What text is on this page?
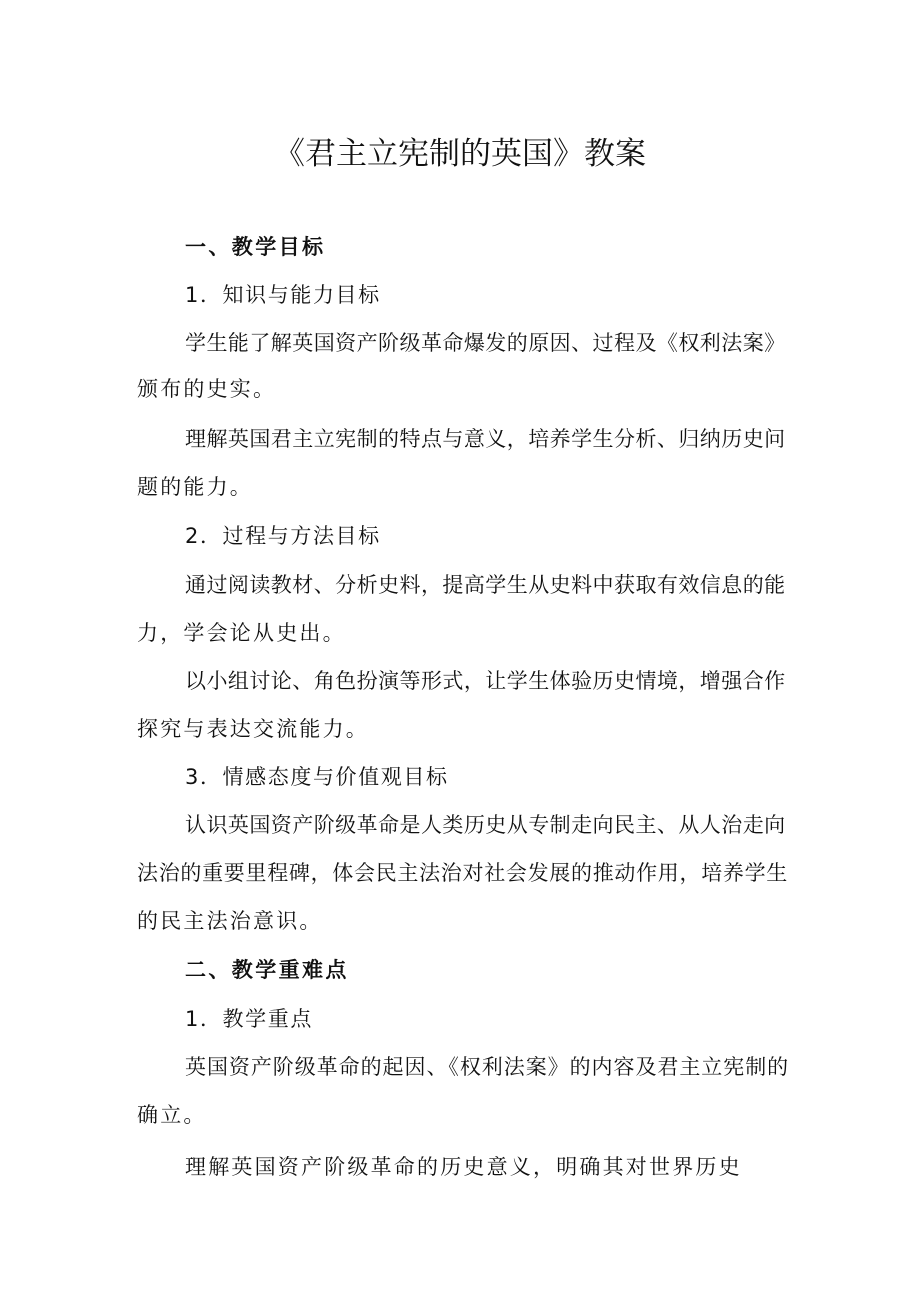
《君主立宪制的英国》教案
一、教学目标
1．知识与能力目标
学生能了解英国资产阶级革命爆发的原因、过程及《权利法案》
颁布的史实。
理解英国君主立宪制的特点与意义，培养学生分析、归纳历史问
题的能力。
2．过程与方法目标
通过阅读教材、分析史料，提高学生从史料中获取有效信息的能
力，学会论从史出。
以小组讨论、角色扮演等形式，让学生体验历史情境，增强合作
探究与表达交流能力。
3．情感态度与价值观目标
认识英国资产阶级革命是人类历史从专制走向民主、从人治走向
法治的重要里程碑，体会民主法治对社会发展的推动作用，培养学生
的民主法治意识。
二、教学重难点
1．教学重点
英国资产阶级革命的起因、《权利法案》的内容及君主立宪制的
确立。
理解英国资产阶级革命的历史意义，明确其对世界历史
